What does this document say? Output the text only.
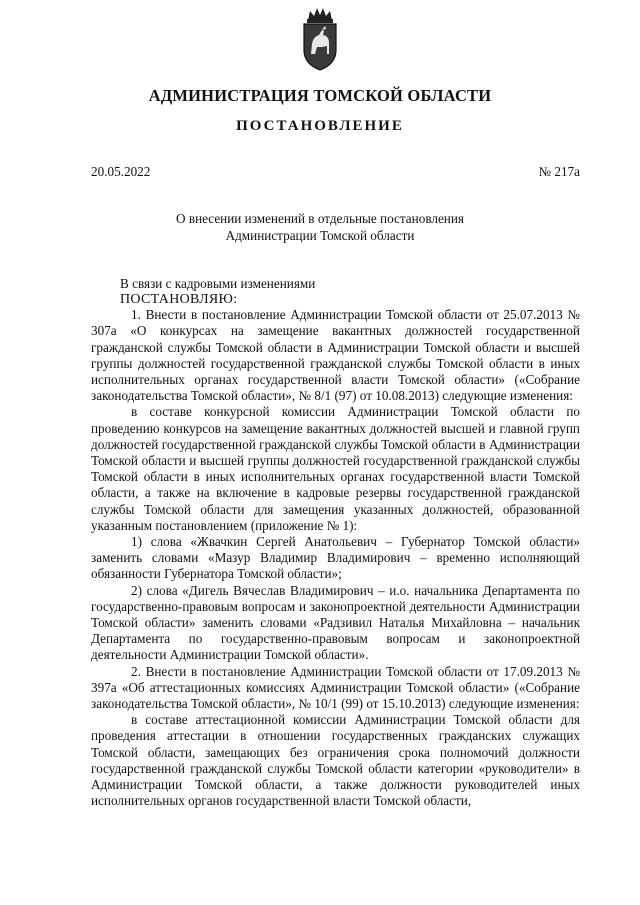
АДМИНИСТРАЦИЯ ТОМСКОЙ ОБЛАСТИ
ПОСТАНОВЛЕНИЕ
20.05.2022	№ 217а
О внесении изменений в отдельные постановления
Администрации Томской области

В связи с кадровыми изменениями

ПОСТАНОВЛЯЮ:

1. Внести в постановление Администрации Томской области от 25.07.2013 № 307а «О конкурсах на замещение вакантных должностей государственной гражданской службы Томской области в Администрации Томской области и высшей группы должностей государственной гражданской службы Томской области в иных исполнительных органах государственной власти Томской области» («Собрание законодательства Томской области», № 8/1 (97) от 10.08.2013) следующие изменения:

в составе конкурсной комиссии Администрации Томской области по проведению конкурсов на замещение вакантных должностей высшей и главной групп должностей государственной гражданской службы Томской области в Администрации Томской области и высшей группы должностей государственной гражданской службы Томской области в иных исполнительных органах государственной власти Томской области, а также на включение в кадровые резервы государственной гражданской службы Томской области для замещения указанных должностей, образованной указанным постановлением (приложение № 1):

1) слова «Жвачкин Сергей Анатольевич – Губернатор Томской области» заменить словами «Мазур Владимир Владимирович – временно исполняющий обязанности Губернатора Томской области»;

2) слова «Дигель Вячеслав Владимирович – и.о. начальника Департамента по государственно-правовым вопросам и законопроектной деятельности Администрации Томской области» заменить словами «Радзивил Наталья Михайловна – начальник Департамента по государственно-правовым вопросам и законопроектной деятельности Администрации Томской области».

2. Внести в постановление Администрации Томской области от 17.09.2013 № 397а «Об аттестационных комиссиях Администрации Томской области» («Собрание законодательства Томской области», № 10/1 (99) от 15.10.2013) следующие изменения:

в составе аттестационной комиссии Администрации Томской области для проведения аттестации в отношении государственных гражданских служащих Томской области, замещающих без ограничения срока полномочий должности государственной гражданской службы Томской области категории «руководители» в Администрации Томской области, а также должности руководителей иных исполнительных органов государственной власти Томской области,
